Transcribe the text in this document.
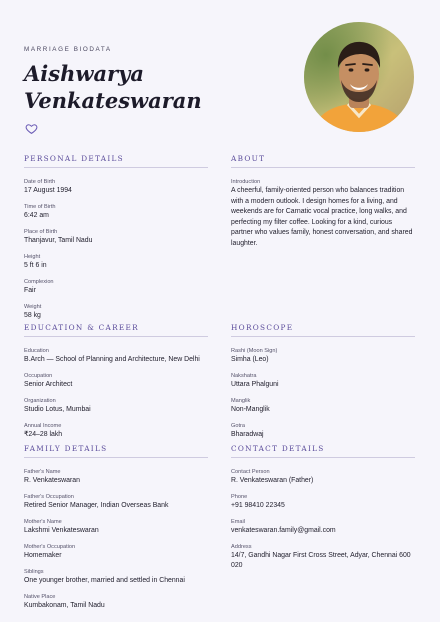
MARRIAGE BIODATA
Aishwarya
Venkateswaran
PERSONAL DETAILS
Date of Birth
17 August 1994
Time of Birth
6:42 am
Place of Birth
Thanjavur, Tamil Nadu
Height
5 ft 6 in
Complexion
Fair
Weight
58 kg
ABOUT
Introduction
A cheerful, family-oriented person who balances tradition with a modern outlook. I design homes for a living, and weekends are for Carnatic vocal practice, long walks, and perfecting my filter coffee. Looking for a kind, curious partner who values family, honest conversation, and shared laughter.
EDUCATION & CAREER
Education
B.Arch — School of Planning and Architecture, New Delhi
Occupation
Senior Architect
Organization
Studio Lotus, Mumbai
Annual Income
₹24–28 lakh
HOROSCOPE
Rashi (Moon Sign)
Simha (Leo)
Nakshatra
Uttara Phalguni
Manglik
Non-Manglik
Gotra
Bharadwaj
FAMILY DETAILS
Father's Name
R. Venkateswaran
Father's Occupation
Retired Senior Manager, Indian Overseas Bank
Mother's Name
Lakshmi Venkateswaran
Mother's Occupation
Homemaker
Siblings
One younger brother, married and settled in Chennai
Native Place
Kumbakonam, Tamil Nadu
CONTACT DETAILS
Contact Person
R. Venkateswaran (Father)
Phone
+91 98410 22345
Email
venkateswaran.family@gmail.com
Address
14/7, Gandhi Nagar First Cross Street, Adyar, Chennai 600 020
